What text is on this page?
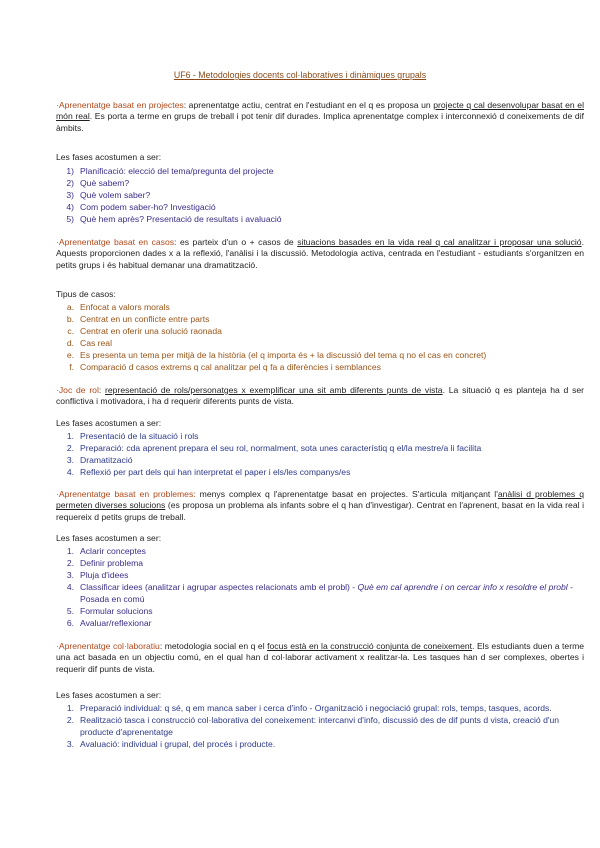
UF6 - Metodologies docents col·laboratives i dinàmiques grupals
·Aprenentatge basat en projectes: aprenentatge actiu, centrat en l'estudiant en el q es proposa un projecte q cal desenvolupar basat en el món real. Es porta a terme en grups de treball i pot tenir dif durades. Implica aprenentatge complex i interconnexió d coneixements de dif àmbits.
Les fases acostumen a ser:
1) Planificació: elecció del tema/pregunta del projecte
2) Què sabem?
3) Què volem saber?
4) Com podem saber-ho? Investigació
5) Què hem après? Presentació de resultats i avaluació
·Aprenentatge basat en casos: es parteix d'un o + casos de situacions basades en la vida real q cal analitzar i proposar una solució. Aquests proporcionen dades x a la reflexió, l'anàlisi i la discussió. Metodologia activa, centrada en l'estudiant - estudiants s'organitzen en petits grups i és habitual demanar una dramatització.
Tipus de casos:
a. Enfocat a valors morals
b. Centrat en un conflicte entre parts
c. Centrat en oferir una solució raonada
d. Cas real
e. Es presenta un tema per mitjà de la història (el q importa és + la discussió del tema q no el cas en concret)
f. Comparació d casos extrems q cal analitzar pel q fa a diferències i semblances
·Joc de rol: representació de rols/personatges x exemplificar una sit amb diferents punts de vista. La situació q es planteja ha d ser conflictiva i motivadora, i ha d requerir diferents punts de vista.
Les fases acostumen a ser:
1. Presentació de la situació i rols
2. Preparació: cda aprenent prepara el seu rol, normalment, sota unes característiq q el/la mestre/a li facilita
3. Dramatització
4. Reflexió per part dels qui han interpretat el paper i els/les companys/es
·Aprenentatge basat en problemes: menys complex q l'aprenentatge basat en projectes. S'articula mitjançant l'anàlisi d problemes q permeten diverses solucions (es proposa un problema als infants sobre el q han d'investigar). Centrat en l'aprenent, basat en la vida real i requereix d petits grups de treball.
Les fases acostumen a ser:
1. Aclarir conceptes
2. Definir problema
3. Pluja d'idees
4. Classificar idees (analitzar i agrupar aspectes relacionats amb el probl) - Què em cal aprendre i on cercar info x resoldre el probl - Posada en comú
5. Formular solucions
6. Avaluar/reflexionar
·Aprenentatge col·laboratiu: metodologia social en q el focus està en la construcció conjunta de coneixement. Els estudiants duen a terme una act basada en un objectiu comú, en el qual han d col·laborar activament x realitzar-la. Les tasques han d ser complexes, obertes i requerir dif punts de vista.
Les fases acostumen a ser:
1. Preparació individual: q sé, q em manca saber i cerca d'info - Organització i negociació grupal: rols, temps, tasques, acords.
2. Realització tasca i construcció col·laborativa del coneixement: intercanvi d'info, discussió des de dif punts d vista, creació d'un producte d'aprenentatge
3. Avaluació: individual i grupal, del procés i producte.
